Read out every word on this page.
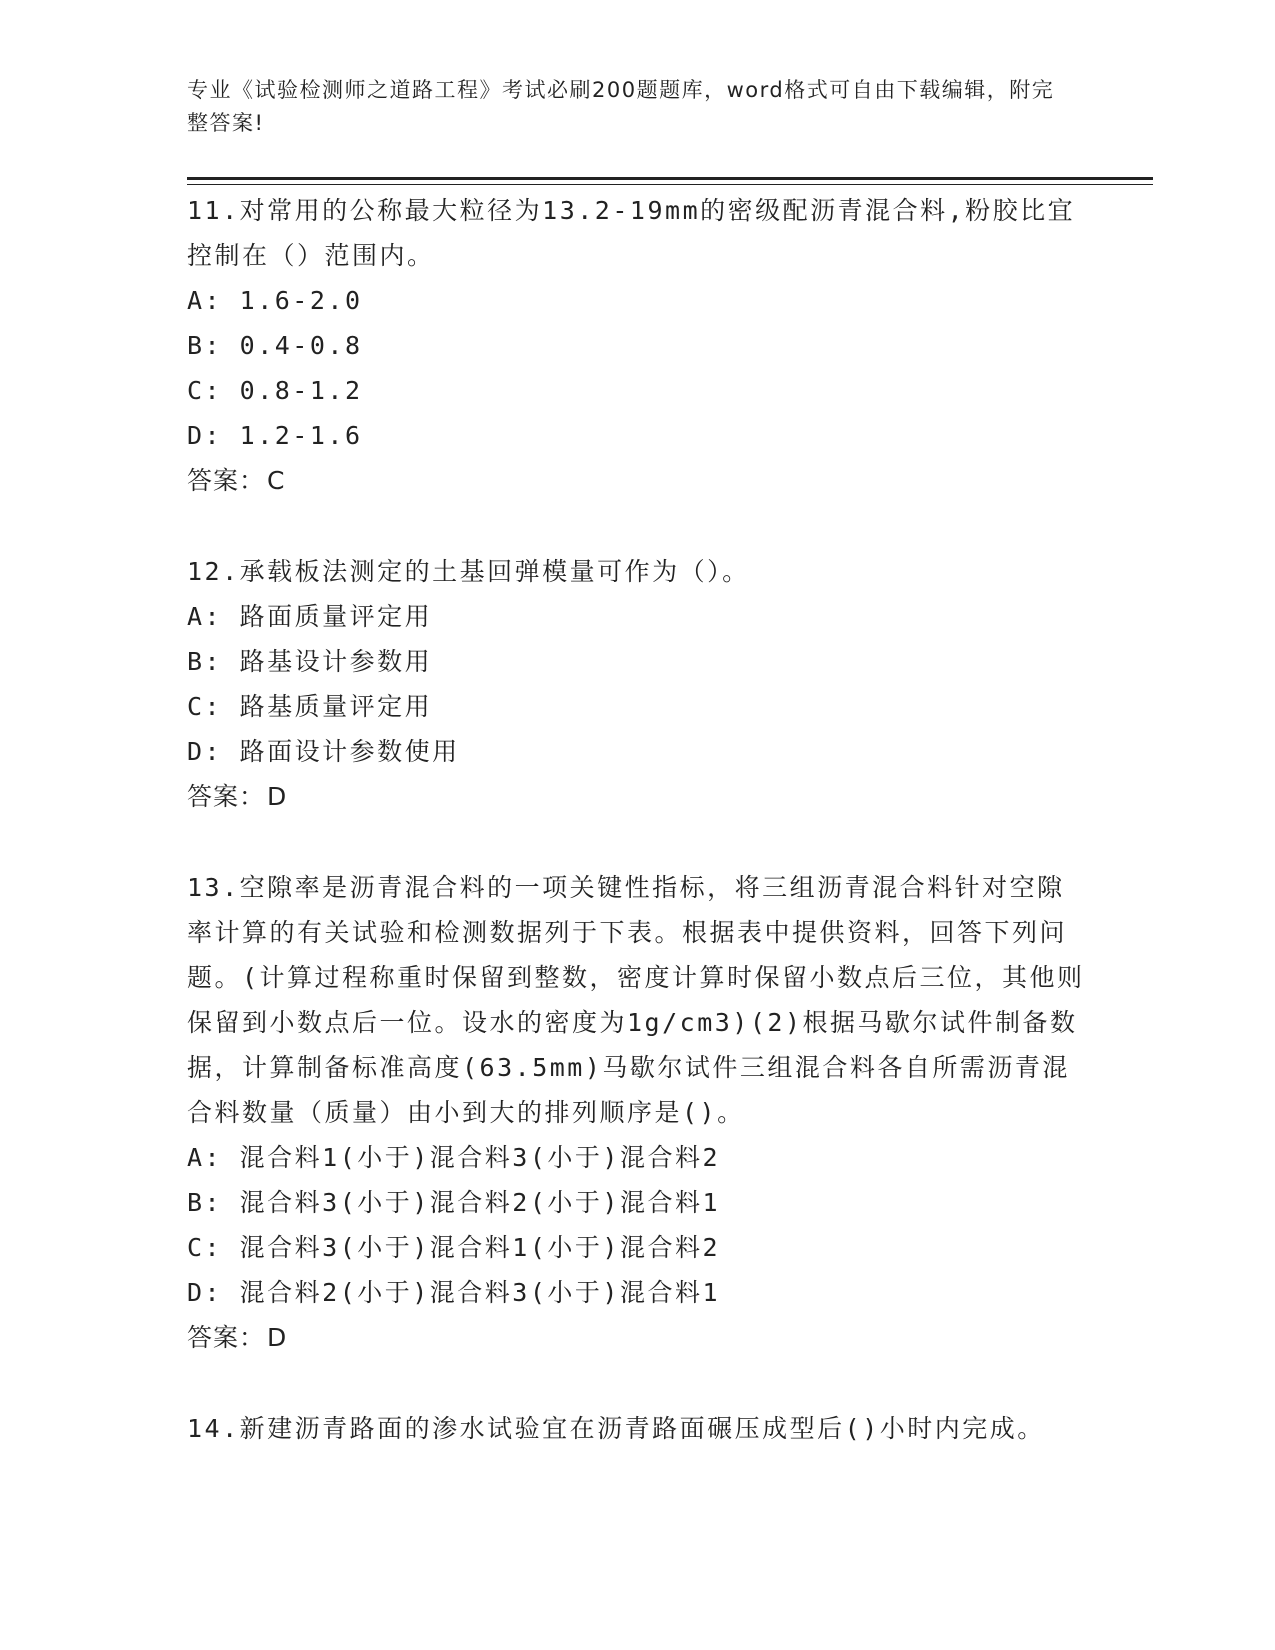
专业《试验检测师之道路工程》考试必刷200题题库，word格式可自由下载编辑，附完整答案!

11.对常用的公称最大粒径为13.2-19mm的密级配沥青混合料,粉胶比宜控制在（）范围内。

A: 1.6-2.0

B: 0.4-0.8

C: 0.8-1.2

D: 1.2-1.6

答案：C

12.承载板法测定的土基回弹模量可作为（）。

A: 路面质量评定用

B: 路基设计参数用

C: 路基质量评定用

D: 路面设计参数使用

答案：D

13.空隙率是沥青混合料的一项关键性指标，将三组沥青混合料针对空隙率计算的有关试验和检测数据列于下表。根据表中提供资料，回答下列问题。(计算过程称重时保留到整数，密度计算时保留小数点后三位，其他则保留到小数点后一位。设水的密度为1g/cm3)(2)根据马歇尔试件制备数据，计算制备标准高度(63.5mm)马歇尔试件三组混合料各自所需沥青混合料数量（质量）由小到大的排列顺序是()。

A: 混合料1(小于)混合料3(小于)混合料2

B: 混合料3(小于)混合料2(小于)混合料1

C: 混合料3(小于)混合料1(小于)混合料2

D: 混合料2(小于)混合料3(小于)混合料1

答案：D

14.新建沥青路面的渗水试验宜在沥青路面碾压成型后()小时内完成。
